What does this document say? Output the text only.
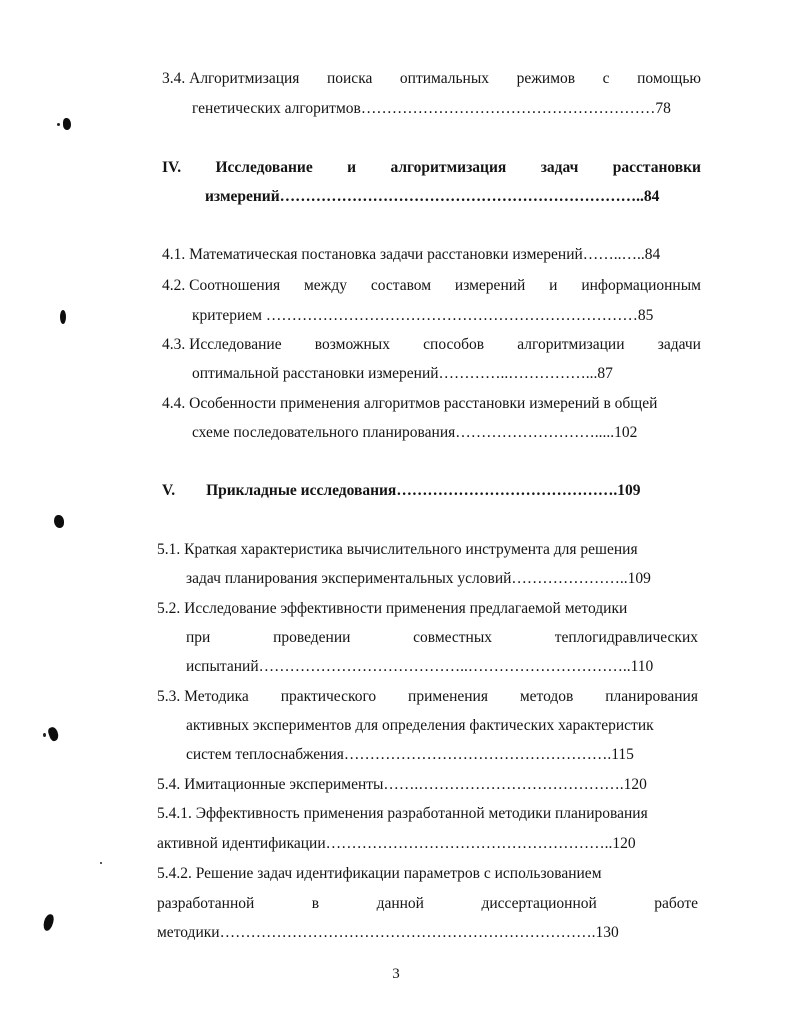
3.4. Алгоритмизация поиска оптимальных режимов с помощью
генетических алгоритмов…………………………………………………78
IV. Исследование и алгоритмизация задач расстановки
измерений……………………………………………………………..84
4.1. Математическая постановка задачи расстановки измерений……..…..84
4.2. Соотношения между составом измерений и информационным
критерием ………………………………………………………………85
4.3. Исследование возможных способов алгоритмизации задачи
оптимальной расстановки измерений…………..……………...87
4.4. Особенности применения алгоритмов расстановки измерений в общей
схеме последовательного планирования……………………….....102
V.        Прикладные исследования…………………………………….109
5.1. Краткая характеристика вычислительного инструмента для решения
задач планирования экспериментальных условий…………………..109
5.2. Исследование эффективности применения предлагаемой методики
при	проведении	совместных	теплогидравлических
испытаний…………………………………..…………………………..110
5.3. Методика практического применения методов планирования
активных экспериментов для определения фактических характеристик
систем теплоснабжения…………………………………………….115
5.4. Имитационные эксперименты…….………………………………….120
5.4.1. Эффективность применения разработанной методики планирования
активной идентификации………………………………………………..120
5.4.2. Решение задач идентификации параметров с использованием
разработанной	в	данной	диссертационной	работе
методики……………………………………………………………….130
3
